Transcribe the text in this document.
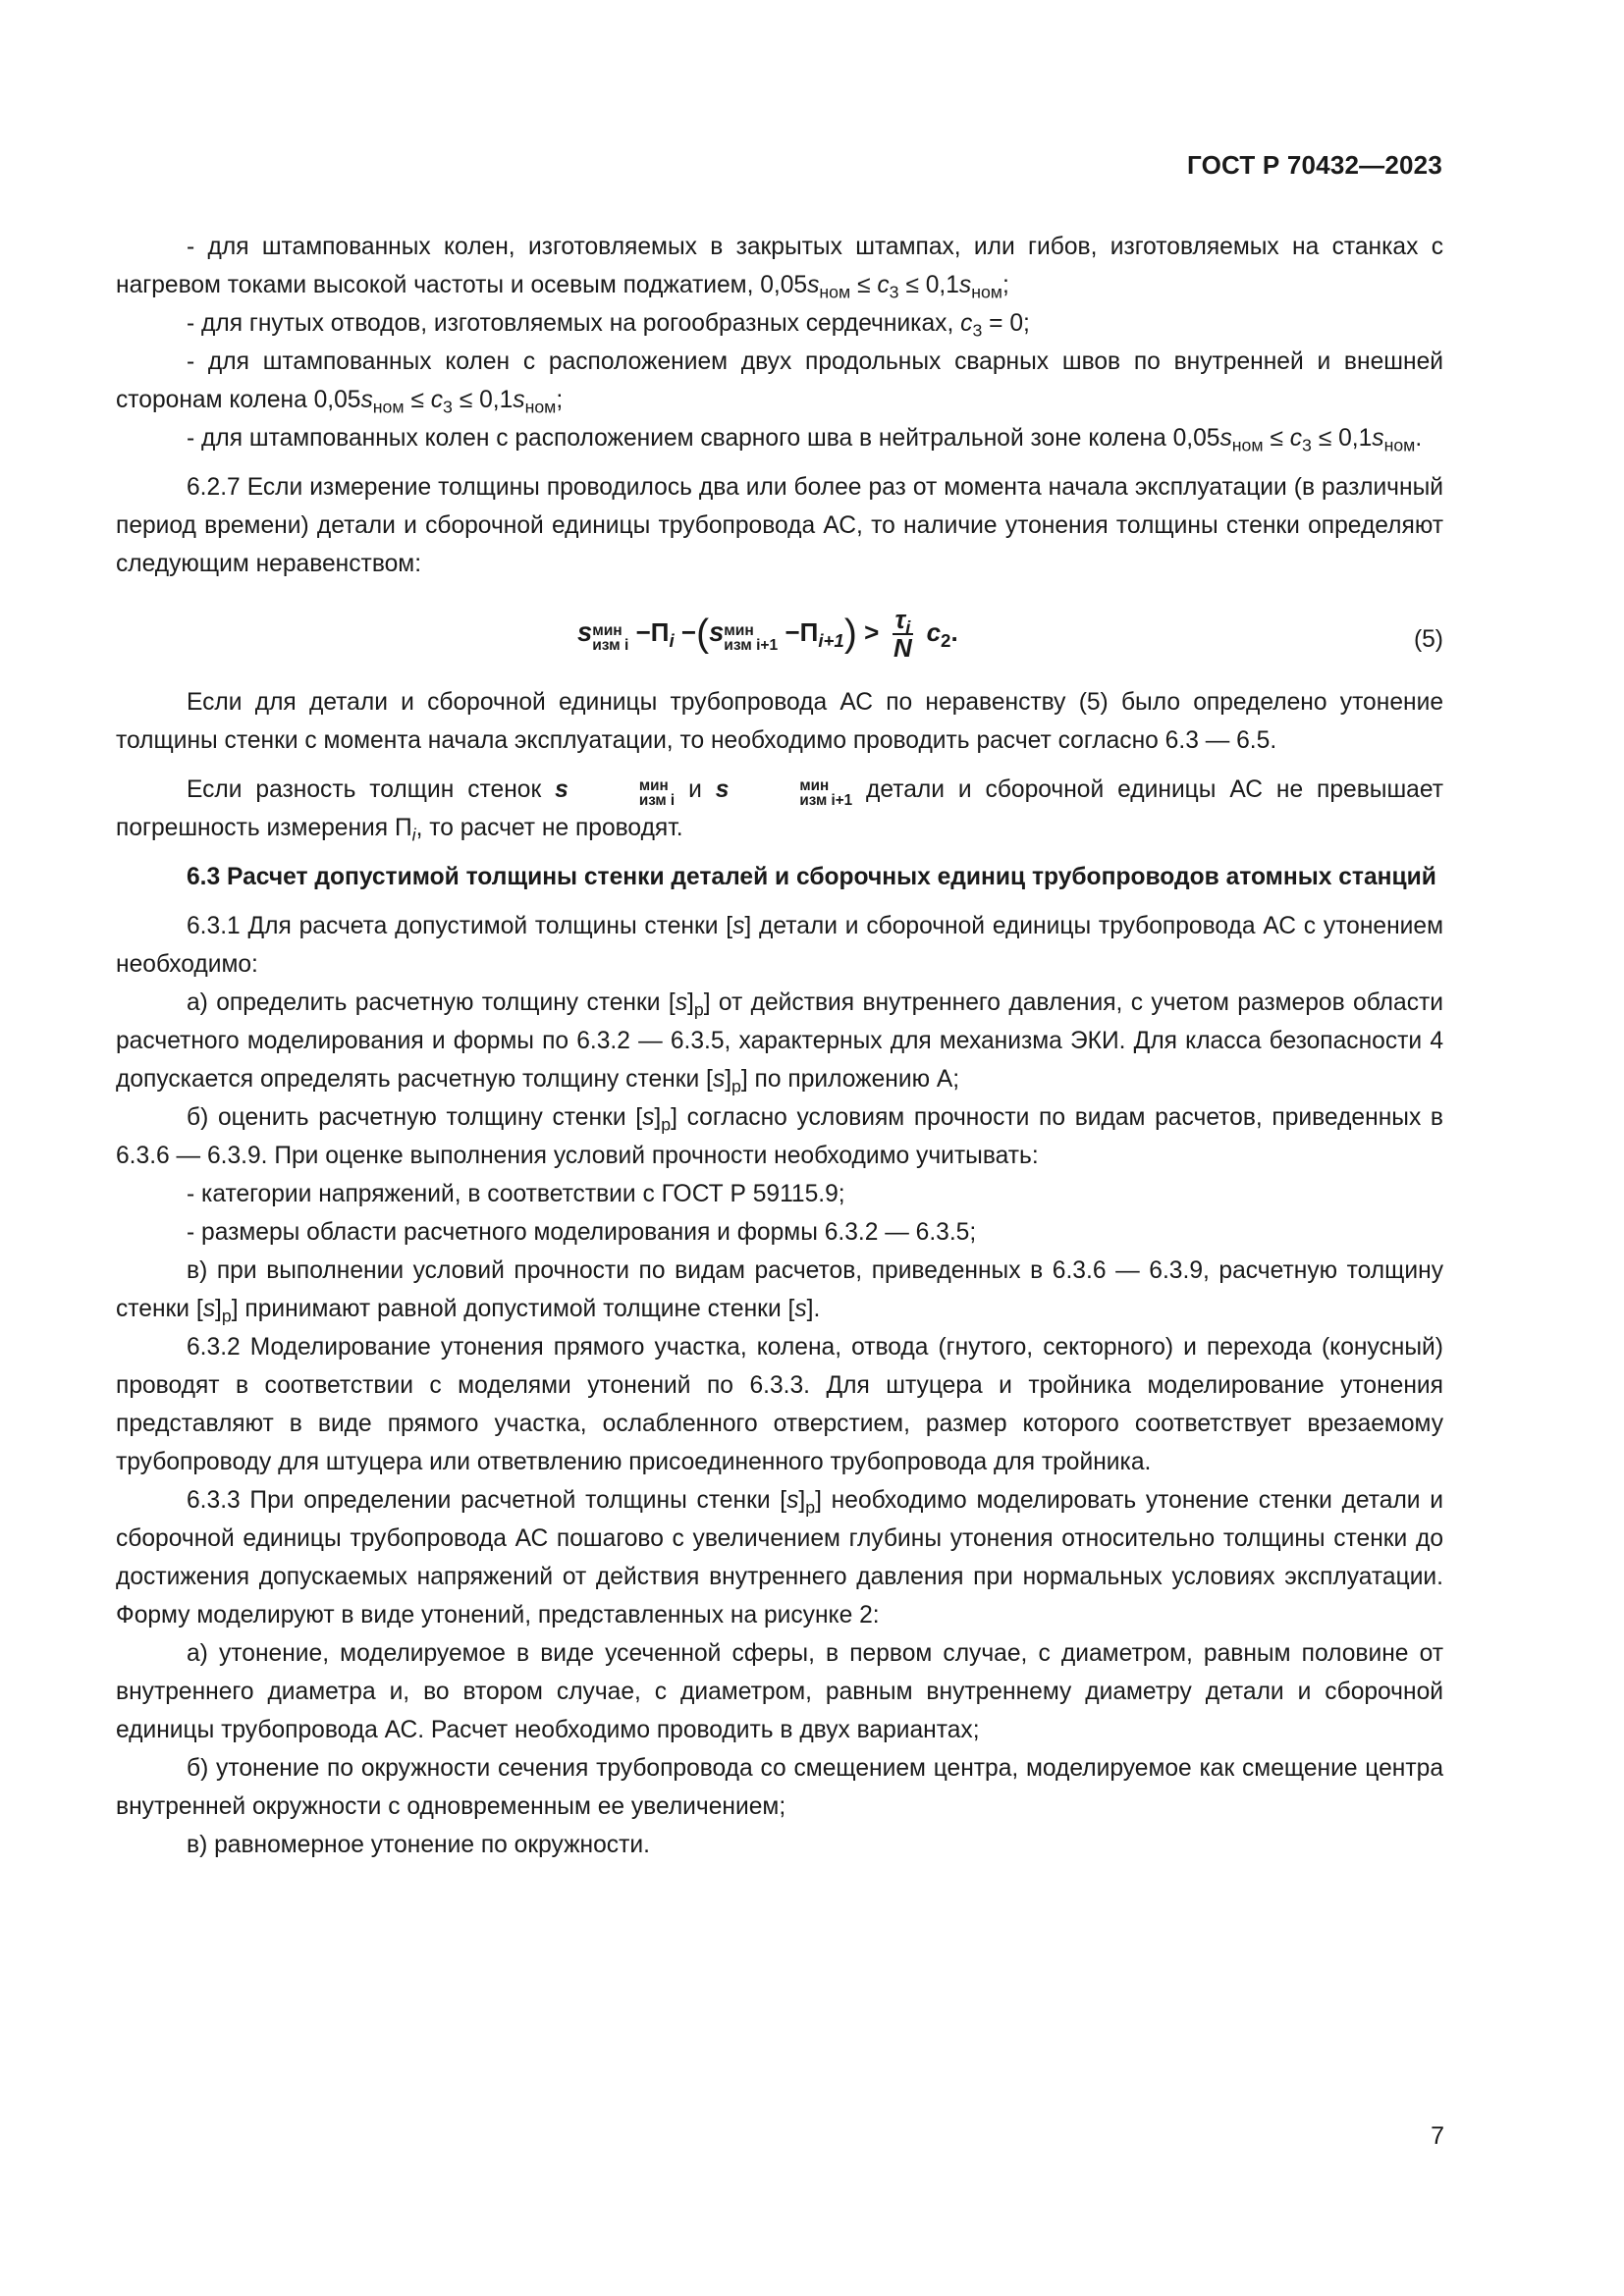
ГОСТ Р 70432—2023

- для штампованных колен, изготовляемых в закрытых штампах, или гибов, изготовляемых на станках с нагревом токами высокой частоты и осевым поджатием, $0,05s_{ном} \le c_3 \le 0,1s_{ном}$;

- для гнутых отводов, изготовляемых на рогообразных сердечниках, $c_3 = 0$;

- для штампованных колен с расположением двух продольных сварных швов по внутренней и внешней сторонам колена $0,05s_{ном} \le c_3 \le 0,1s_{ном}$;

- для штампованных колен с расположением сварного шва в нейтральной зоне колена $0,05s_{ном} \le c_3 \le 0,1s_{ном}$.

6.2.7 Если измерение толщины проводилось два или более раз от момента начала эксплуатации (в различный период времени) детали и сборочной единицы трубопровода АС, то наличие утонения толщины стенки определяют следующим неравенством:

s мин
изм $i -П_i -(s$ мин
изм $i+1 -П_{i+1}) > \frac{\tau_i}{N} c_2$.	(5)

Если для детали и сборочной единицы трубопровода АС по неравенству (5) было определено утонение толщины стенки с момента начала эксплуатации, то необходимо проводить расчет согласно 6.3 — 6.5.

Если разность толщин стенок s	мин
изм i и s	мин
изм i+1 детали и сборочной единицы АС не превышает погрешность измерения $П_i$, то расчет не проводят.

6.3 Расчет допустимой толщины стенки деталей и сборочных единиц трубопроводов атомных станций

6.3.1 Для расчета допустимой толщины стенки [s] детали и сборочной единицы трубопровода АС с утонением необходимо:

а) определить расчетную толщину стенки $[s]_р$] от действия внутреннего давления, с учетом размеров области расчетного моделирования и формы по 6.3.2 — 6.3.5, характерных для механизма ЭКИ. Для класса безопасности 4 допускается определять расчетную толщину стенки $[s]_р$] по приложению А;

б) оценить расчетную толщину стенки $[s]_р$] согласно условиям прочности по видам расчетов, приведенных в 6.3.6 — 6.3.9. При оценке выполнения условий прочности необходимо учитывать:

- категории напряжений, в соответствии с ГОСТ Р 59115.9;

- размеры области расчетного моделирования и формы 6.3.2 — 6.3.5;

в) при выполнении условий прочности по видам расчетов, приведенных в 6.3.6 — 6.3.9, расчетную толщину стенки $[s]_р$] принимают равной допустимой толщине стенки [s].

6.3.2 Моделирование утонения прямого участка, колена, отвода (гнутого, секторного) и перехода (конусный) проводят в соответствии с моделями утонений по 6.3.3. Для штуцера и тройника моделирование утонения представляют в виде прямого участка, ослабленного отверстием, размер которого соответствует врезаемому трубопроводу для штуцера или ответвлению присоединенного трубопровода для тройника.

6.3.3 При определении расчетной толщины стенки $[s]_р$] необходимо моделировать утонение стенки детали и сборочной единицы трубопровода АС пошагово с увеличением глубины утонения относительно толщины стенки до достижения допускаемых напряжений от действия внутреннего давления при нормальных условиях эксплуатации. Форму моделируют в виде утонений, представленных на рисунке 2:

а) утонение, моделируемое в виде усеченной сферы, в первом случае, с диаметром, равным половине от внутреннего диаметра и, во втором случае, с диаметром, равным внутреннему диаметру детали и сборочной единицы трубопровода АС. Расчет необходимо проводить в двух вариантах;

б) утонение по окружности сечения трубопровода со смещением центра, моделируемое как смещение центра внутренней окружности с одновременным ее увеличением;

в) равномерное утонение по окружности.

7
